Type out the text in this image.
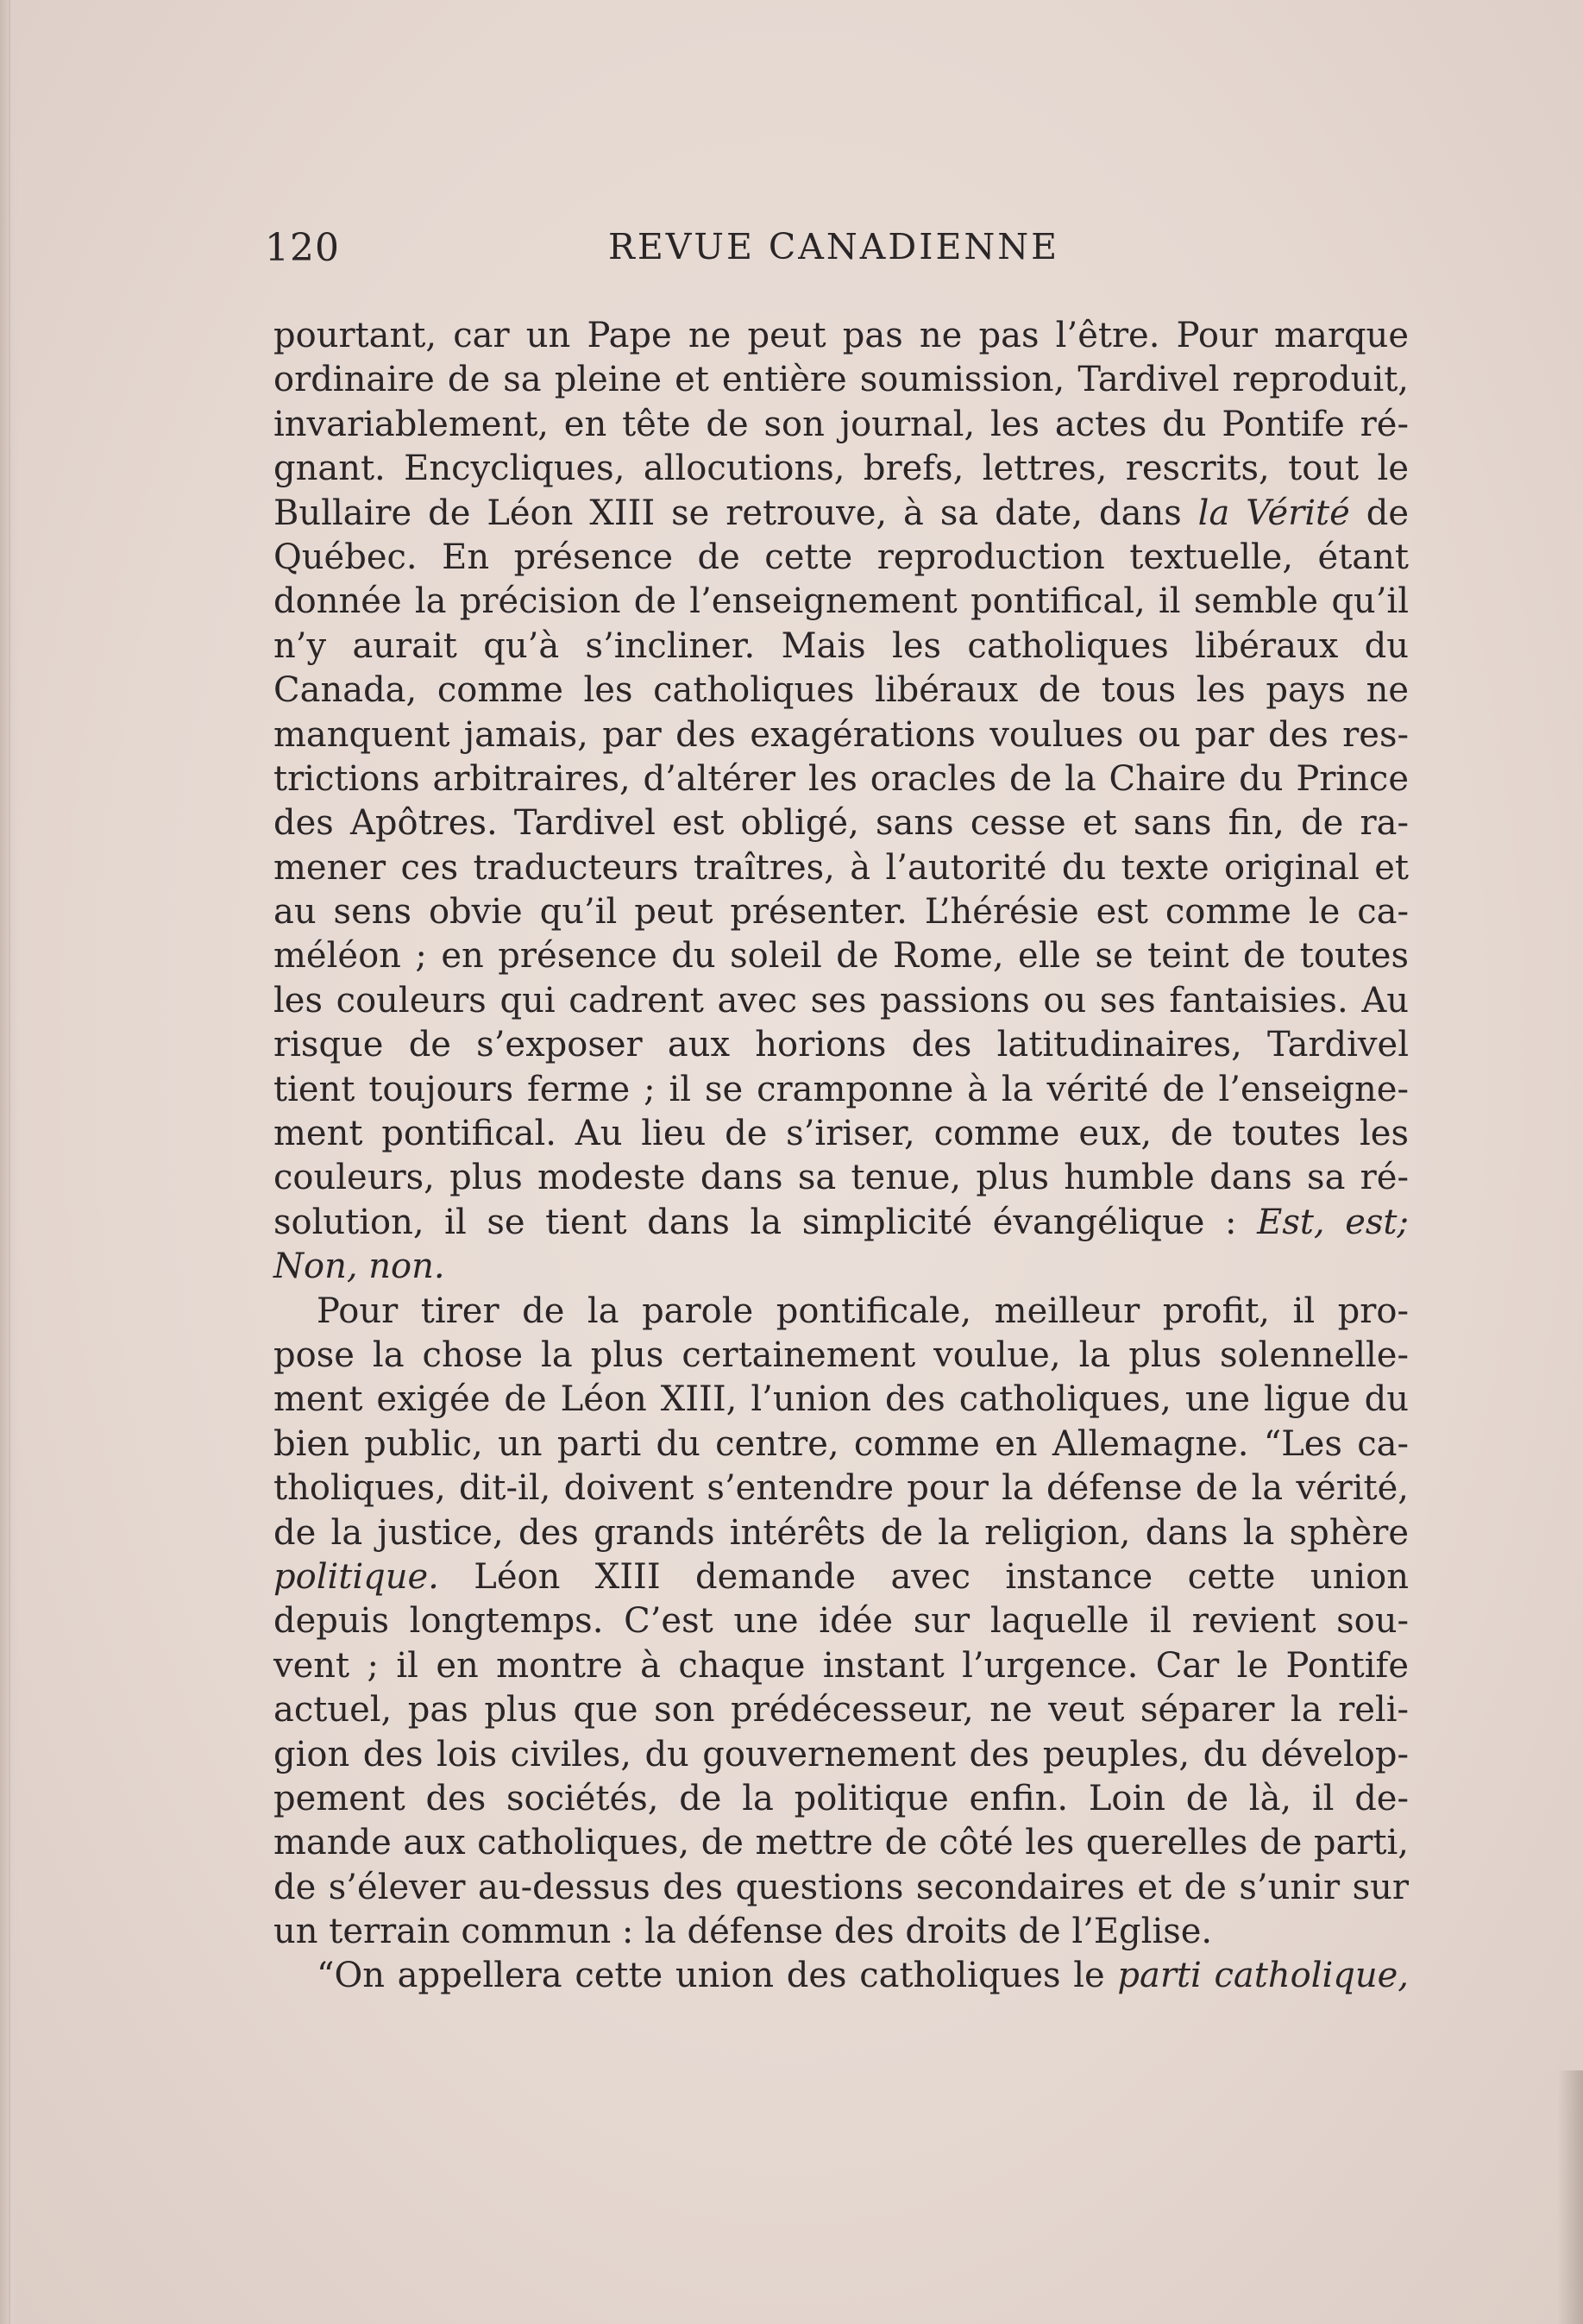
120	REVUE CANADIENNE
pourtant, car un Pape ne peut pas ne pas l’être. Pour marque
ordinaire de sa pleine et entière soumission, Tardivel reproduit,
invariablement, en tête de son journal, les actes du Pontife ré-
gnant. Encycliques, allocutions, brefs, lettres, rescrits, tout le
Bullaire de Léon XIII se retrouve, à sa date, dans la Vérité de
Québec. En présence de cette reproduction textuelle, étant
donnée la précision de l’enseignement pontifical, il semble qu’il
n’y aurait qu’à s’incliner. Mais les catholiques libéraux du
Canada, comme les catholiques libéraux de tous les pays ne
manquent jamais, par des exagérations voulues ou par des res-
trictions arbitraires, d’altérer les oracles de la Chaire du Prince
des Apôtres. Tardivel est obligé, sans cesse et sans fin, de ra-
mener ces traducteurs traîtres, à l’autorité du texte original et
au sens obvie qu’il peut présenter. L’hérésie est comme le ca-
méléon ; en présence du soleil de Rome, elle se teint de toutes
les couleurs qui cadrent avec ses passions ou ses fantaisies. Au
risque de s’exposer aux horions des latitudinaires, Tardivel
tient toujours ferme ; il se cramponne à la vérité de l’enseigne-
ment pontifical. Au lieu de s’iriser, comme eux, de toutes les
couleurs, plus modeste dans sa tenue, plus humble dans sa ré-
solution, il se tient dans la simplicité évangélique : Est, est;
Non, non.
Pour tirer de la parole pontificale, meilleur profit, il pro-
pose la chose la plus certainement voulue, la plus solennelle-
ment exigée de Léon XIII, l’union des catholiques, une ligue du
bien public, un parti du centre, comme en Allemagne. “Les ca-
tholiques, dit-il, doivent s’entendre pour la défense de la vérité,
de la justice, des grands intérêts de la religion, dans la sphère
politique. Léon XIII demande avec instance cette union
depuis longtemps. C’est une idée sur laquelle il revient sou-
vent ; il en montre à chaque instant l’urgence. Car le Pontife
actuel, pas plus que son prédécesseur, ne veut séparer la reli-
gion des lois civiles, du gouvernement des peuples, du dévelop-
pement des sociétés, de la politique enfin. Loin de là, il de-
mande aux catholiques, de mettre de côté les querelles de parti,
de s’élever au-dessus des questions secondaires et de s’unir sur
un terrain commun : la défense des droits de l’Eglise.
“On appellera cette union des catholiques le parti catholique,
